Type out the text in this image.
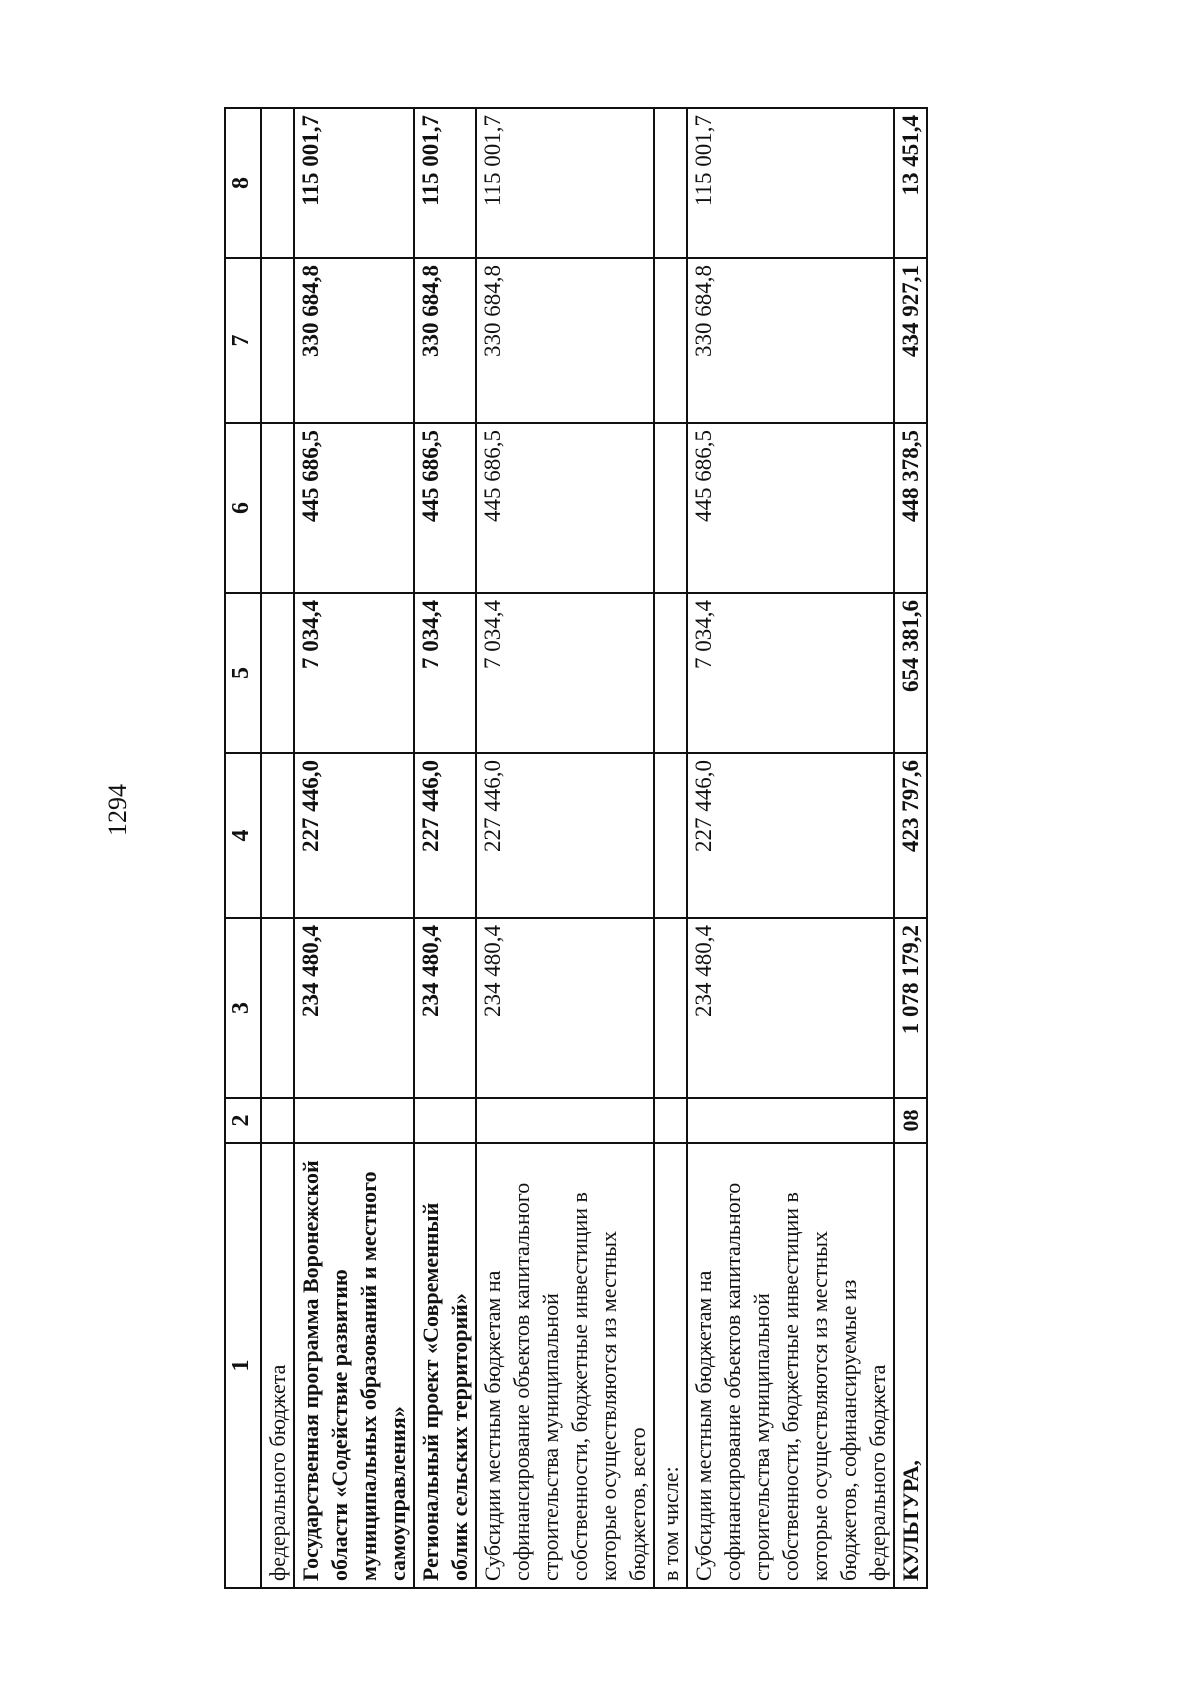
1294
1	2	3	4	5	6	7	8
федерального бюджета							
Государственная программа Воронежской области «Содействие развитию муниципальных образований и местного самоуправления»		234 480,4	227 446,0	7 034,4	445 686,5	330 684,8	115 001,7
Региональный проект «Современный облик сельских территорий»		234 480,4	227 446,0	7 034,4	445 686,5	330 684,8	115 001,7
Субсидии местным бюджетам на софинансирование объектов капитального строительства муниципальной собственности, бюджетные инвестиции в которые осуществляются из местных бюджетов, всего		234 480,4	227 446,0	7 034,4	445 686,5	330 684,8	115 001,7
в том числе:							
Субсидии местным бюджетам на софинансирование объектов капитального строительства муниципальной собственности, бюджетные инвестиции в которые осуществляются из местных бюджетов, софинансируемые из федерального бюджета		234 480,4	227 446,0	7 034,4	445 686,5	330 684,8	115 001,7
КУЛЬТУРА,	08	1 078 179,2	423 797,6	654 381,6	448 378,5	434 927,1	13 451,4
